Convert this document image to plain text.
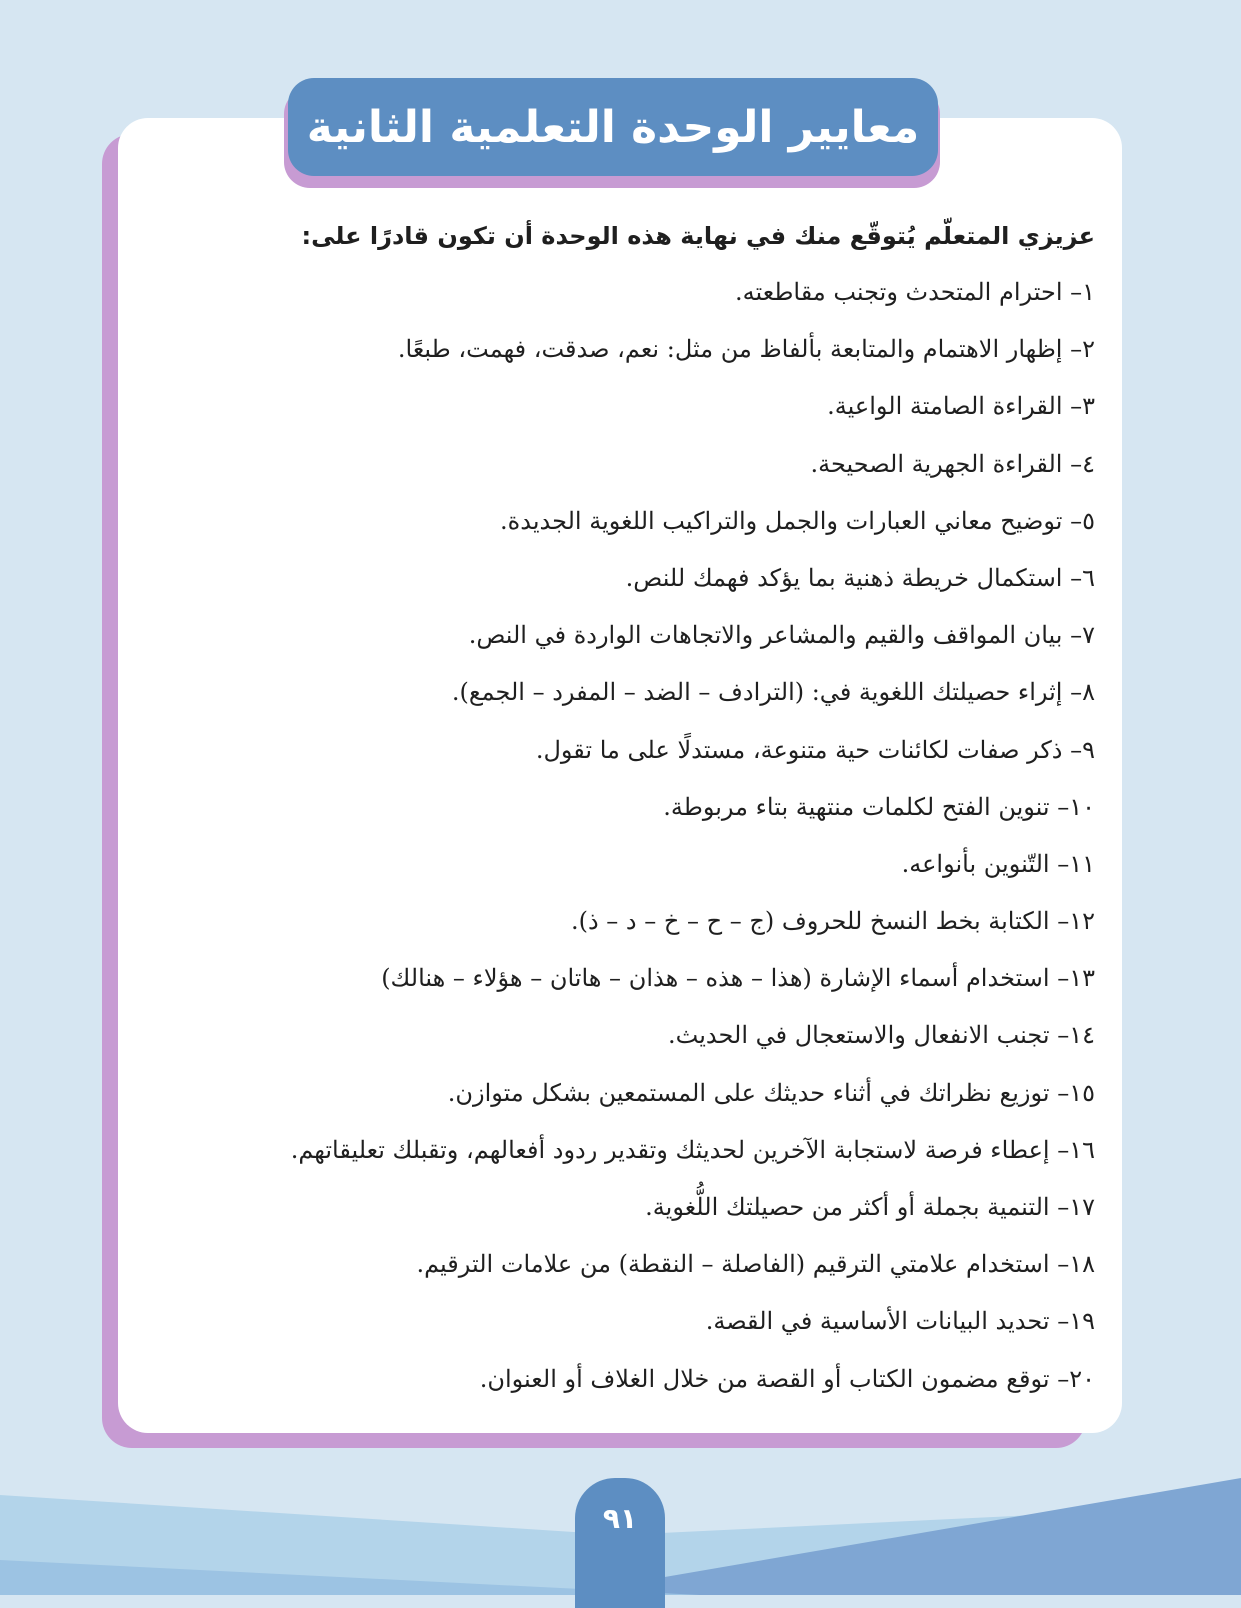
معايير الوحدة التعلمية الثانية
عزيزي المتعلّم يُتوقّع منك في نهاية هذه الوحدة أن تكون قادرًا على:
١– احترام المتحدث وتجنب مقاطعته.
٢– إظهار الاهتمام والمتابعة بألفاظ من مثل: نعم، صدقت، فهمت، طبعًا.
٣– القراءة الصامتة الواعية.
٤– القراءة الجهرية الصحيحة.
٥– توضيح معاني العبارات والجمل والتراكيب اللغوية الجديدة.
٦– استكمال خريطة ذهنية بما يؤكد فهمك للنص.
٧– بيان المواقف والقيم والمشاعر والاتجاهات الواردة في النص.
٨– إثراء حصيلتك اللغوية في: (الترادف – الضد – المفرد – الجمع).
٩– ذكر صفات لكائنات حية متنوعة، مستدلًا على ما تقول.
١٠– تنوين الفتح لكلمات منتهية بتاء مربوطة.
١١– التّنوين بأنواعه.
١٢– الكتابة بخط النسخ للحروف (ج – ح – خ – د – ذ).
١٣– استخدام أسماء الإشارة (هذا – هذه – هذان – هاتان – هؤلاء – هنالك)
١٤– تجنب الانفعال والاستعجال في الحديث.
١٥– توزيع نظراتك في أثناء حديثك على المستمعين بشكل متوازن.
١٦– إعطاء فرصة لاستجابة الآخرين لحديثك وتقدير ردود أفعالهم، وتقبلك تعليقاتهم.
١٧– التنمية بجملة أو أكثر من حصيلتك اللُّغوية.
١٨– استخدام علامتي الترقيم (الفاصلة – النقطة) من علامات الترقيم.
١٩– تحديد البيانات الأساسية في القصة.
٢٠– توقع مضمون الكتاب أو القصة من خلال الغلاف أو العنوان.
٩١
